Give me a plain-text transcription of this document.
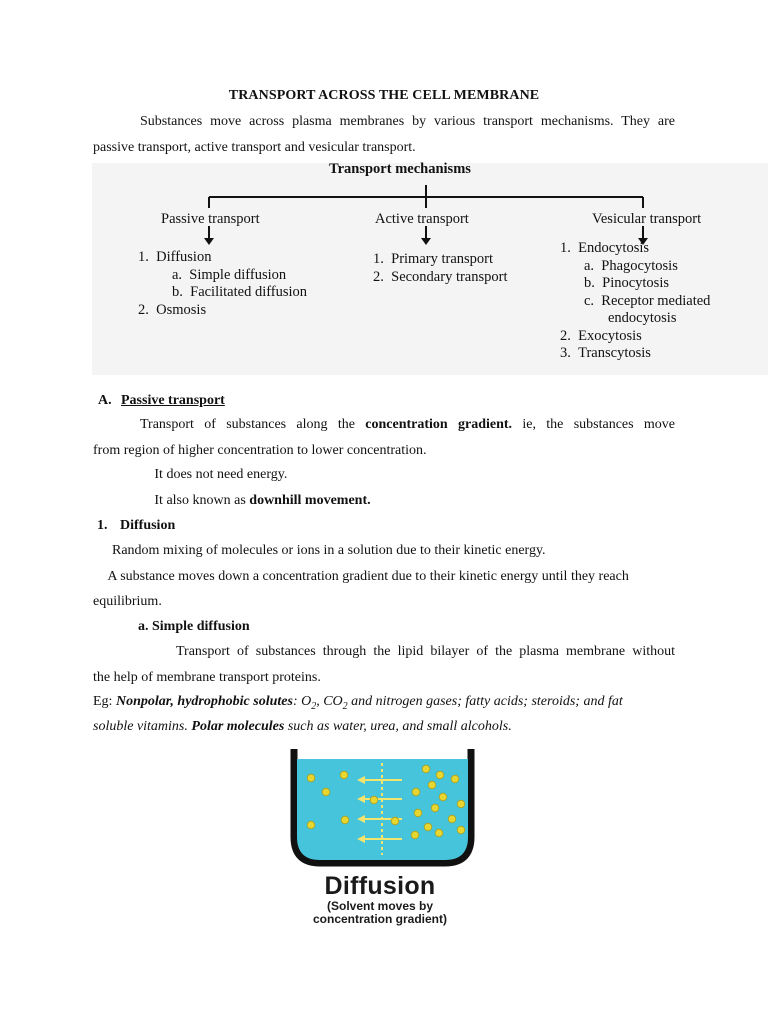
TRANSPORT ACROSS THE CELL MEMBRANE
Substances move across plasma membranes by various transport mechanisms. They are
passive transport, active transport and vesicular transport.
Passive transport	Active transport	Vesicular transport
1.  Diffusion
a.  Simple diffusion
b.  Facilitated diffusion
2.  Osmosis
1.  Primary transport
2.  Secondary transport
1.  Endocytosis
a.  Phagocytosis
b.  Pinocytosis
c.  Receptor mediated
endocytosis
2.  Exocytosis
3.  Transcytosis
Transport mechanisms
A. Passive transport
Transport of substances along the concentration gradient. ie, the substances move
from region of higher concentration to lower concentration.
It does not need energy.
It also known as downhill movement.
1. Diffusion
Random mixing of molecules or ions in a solution due to their kinetic energy.
A substance moves down a concentration gradient due to their kinetic energy until they reach
equilibrium.
a. Simple diffusion
Transport of substances through the lipid bilayer of the plasma membrane without
the help of membrane transport proteins.
Eg: Nonpolar, hydrophobic solutes: $O_2$, $CO_2$ and nitrogen gases; fatty acids; steroids; and fat
soluble vitamins. Polar molecules such as water, urea, and small alcohols.
Diffusion
(Solvent moves by
concentration gradient)
